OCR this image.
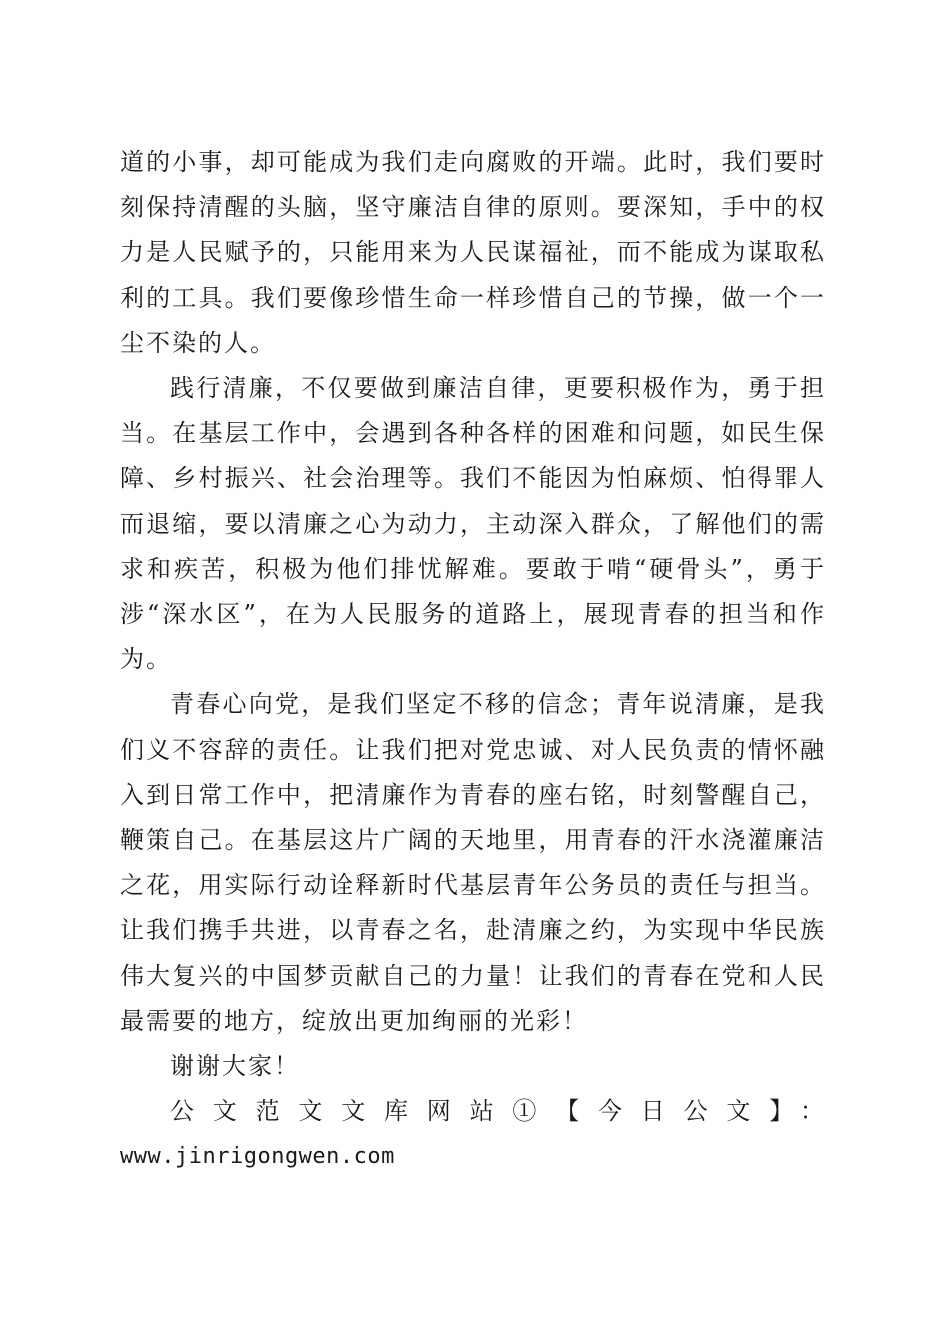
道的小事，却可能成为我们走向腐败的开端。此时，我们要时刻保持清醒的头脑，坚守廉洁自律的原则。要深知，手中的权力是人民赋予的，只能用来为人民谋福祉，而不能成为谋取私利的工具。我们要像珍惜生命一样珍惜自己的节操，做一个一尘不染的人。

践行清廉，不仅要做到廉洁自律，更要积极作为，勇于担当。在基层工作中，会遇到各种各样的困难和问题，如民生保障、乡村振兴、社会治理等。我们不能因为怕麻烦、怕得罪人而退缩，要以清廉之心为动力，主动深入群众，了解他们的需求和疾苦，积极为他们排忧解难。要敢于啃“硬骨头”，勇于涉“深水区”，在为人民服务的道路上，展现青春的担当和作为。

青春心向党，是我们坚定不移的信念；青年说清廉，是我们义不容辞的责任。让我们把对党忠诚、对人民负责的情怀融入到日常工作中，把清廉作为青春的座右铭，时刻警醒自己，鞭策自己。在基层这片广阔的天地里，用青春的汗水浇灌廉洁之花，用实际行动诠释新时代基层青年公务员的责任与担当。让我们携手共进，以青春之名，赴清廉之约，为实现中华民族伟大复兴的中国梦贡献自己的力量！让我们的青春在党和人民最需要的地方，绽放出更加绚丽的光彩！

谢谢大家！

公文范文文库网站①【今日公文】：

www.jinrigongwen.com
